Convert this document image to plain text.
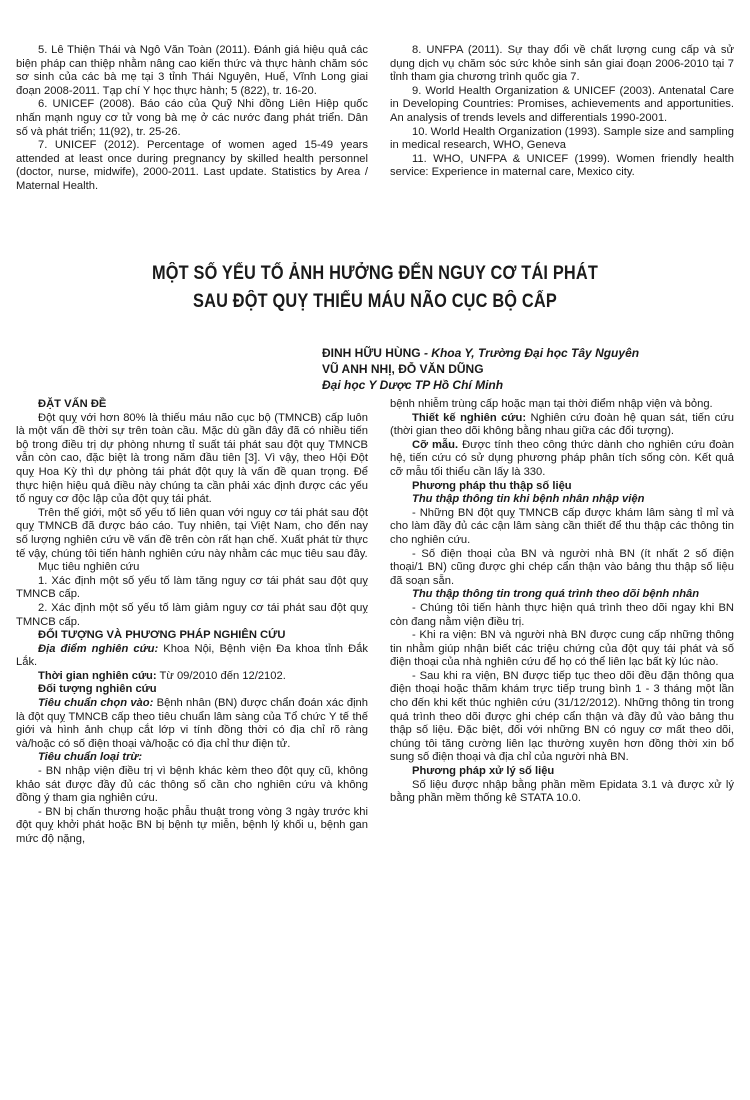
5. Lê Thiện Thái và Ngô Văn Toàn (2011). Đánh giá hiệu quả các biện pháp can thiệp nhằm nâng cao kiến thức và thực hành chăm sóc sơ sinh của các bà mẹ tại 3 tỉnh Thái Nguyên, Huế, Vĩnh Long giai đoạn 2008-2011. Tạp chí Y học thực hành; 5 (822), tr. 16-20.

6. UNICEF (2008). Báo cáo của Quỹ Nhi đồng Liên Hiệp quốc nhấn mạnh nguy cơ tử vong bà mẹ ở các nước đang phát triển. Dân số và phát triển; 11(92), tr. 25-26.

7. UNICEF (2012). Percentage of women aged 15-49 years attended at least once during pregnancy by skilled health personnel (doctor, nurse, midwife), 2000-2011. Last update. Statistics by Area / Maternal Health.

8. UNFPA (2011). Sự thay đổi về chất lượng cung cấp và sử dụng dịch vụ chăm sóc sức khỏe sinh sản giai đoạn 2006-2010 tại 7 tỉnh tham gia chương trình quốc gia 7.

9. World Health Organization & UNICEF (2003). Antenatal Care in Developing Countries: Promises, achievements and apportunities. An analysis of trends levels and differentials 1990-2001.

10. World Health Organization (1993). Sample size and sampling in medical research, WHO, Geneva

11. WHO, UNFPA & UNICEF (1999). Women friendly health service: Experience in maternal care, Mexico city.

MỘT SỐ YẾU TỐ ẢNH HƯỞNG ĐẾN NGUY CƠ TÁI PHÁT
SAU ĐỘT QUỴ THIẾU MÁU NÃO CỤC BỘ CẤP

ĐINH HỮU HÙNG - Khoa Y, Trường Đại học Tây Nguyên

VŨ ANH NHỊ, ĐỖ VĂN DŨNG

Đại học Y Dược TP Hồ Chí Minh

ĐẶT VẤN ĐỀ

Đột quỵ với hơn 80% là thiếu máu não cục bộ (TMNCB) cấp luôn là một vấn đề thời sự trên toàn cầu. Mặc dù gần đây đã có nhiều tiến bộ trong điều trị dự phòng nhưng tỉ suất tái phát sau đột quỵ TMNCB vẫn còn cao, đặc biệt là trong năm đầu tiên [3]. Vì vậy, theo Hội Đột quỵ Hoa Kỳ thì dự phòng tái phát đột quỵ là vấn đề quan trọng. Để thực hiện hiệu quả điều này chúng ta cần phải xác định được các yếu tố nguy cơ độc lập của đột quỵ tái phát.

Trên thế giới, một số yếu tố liên quan với nguy cơ tái phát sau đột quỵ TMNCB đã được báo cáo. Tuy nhiên, tại Việt Nam, cho đến nay số lượng nghiên cứu về vấn đề trên còn rất hạn chế. Xuất phát từ thực tế vậy, chúng tôi tiến hành nghiên cứu này nhằm các mục tiêu sau đây.

Mục tiêu nghiên cứu

1. Xác định một số yếu tố làm tăng nguy cơ tái phát sau đột quỵ TMNCB cấp.

2. Xác định một số yếu tố làm giảm nguy cơ tái phát sau đột quỵ TMNCB cấp.

ĐỐI TƯỢNG VÀ PHƯƠNG PHÁP NGHIÊN CỨU

Địa điểm nghiên cứu: Khoa Nội, Bệnh viện Đa khoa tỉnh Đắk Lắk.

Thời gian nghiên cứu: Từ 09/2010 đến 12/2102.

Đối tượng nghiên cứu

Tiêu chuẩn chọn vào: Bệnh nhân (BN) được chẩn đoán xác định là đột quỵ TMNCB cấp theo tiêu chuẩn lâm sàng của Tổ chức Y tế thế giới và hình ảnh chụp cắt lớp vi tính đồng thời có địa chỉ rõ ràng và/hoặc có số điện thoại và/hoặc có địa chỉ thư điện tử.

Tiêu chuẩn loại trừ:

- BN nhập viện điều trị vì bệnh khác kèm theo đột quỵ cũ, không khảo sát được đầy đủ các thông số cần cho nghiên cứu và không đồng ý tham gia nghiên cứu.

- BN bị chấn thương hoặc phẫu thuật trong vòng 3 ngày trước khi đột quỵ khởi phát hoặc BN bị bệnh tự miễn, bệnh lý khối u, bệnh gan mức độ nặng,

bệnh nhiễm trùng cấp hoặc mạn tại thời điểm nhập viện và bỏng.

Thiết kế nghiên cứu: Nghiên cứu đoàn hệ quan sát, tiến cứu (thời gian theo dõi không bằng nhau giữa các đối tượng).

Cỡ mẫu. Được tính theo công thức dành cho nghiên cứu đoàn hệ, tiến cứu có sử dụng phương pháp phân tích sống còn. Kết quả cỡ mẫu tối thiểu cần lấy là 330.

Phương pháp thu thập số liệu

Thu thập thông tin khi bệnh nhân nhập viện

- Những BN đột quỵ TMNCB cấp được khám lâm sàng tỉ mỉ và cho làm đầy đủ các cận lâm sàng cần thiết để thu thập các thông tin cho nghiên cứu.

- Số điện thoại của BN và người nhà BN (ít nhất 2 số điện thoại/1 BN) cũng được ghi chép cẩn thận vào bảng thu thập số liệu đã soạn sẵn.

Thu thập thông tin trong quá trình theo dõi bệnh nhân

- Chúng tôi tiến hành thực hiện quá trình theo dõi ngay khi BN còn đang nằm viện điều trị.

- Khi ra viện: BN và người nhà BN được cung cấp những thông tin nhằm giúp nhận biết các triệu chứng của đột quỵ tái phát và số điện thoại của nhà nghiên cứu để họ có thể liên lạc bất kỳ lúc nào.

- Sau khi ra viện, BN được tiếp tục theo dõi đều đặn thông qua điện thoại hoặc thăm khám trực tiếp trung bình 1 - 3 tháng một lần cho đến khi kết thúc nghiên cứu (31/12/2012). Những thông tin trong quá trình theo dõi được ghi chép cẩn thận và đầy đủ vào bảng thu thập số liệu. Đặc biệt, đối với những BN có nguy cơ mất theo dõi, chúng tôi tăng cường liên lạc thường xuyên hơn đồng thời xin bổ sung số điện thoại và địa chỉ của người nhà BN.

Phương pháp xử lý số liệu

Số liệu được nhập bằng phần mềm Epidata 3.1 và được xử lý bằng phần mềm thống kê STATA 10.0.
